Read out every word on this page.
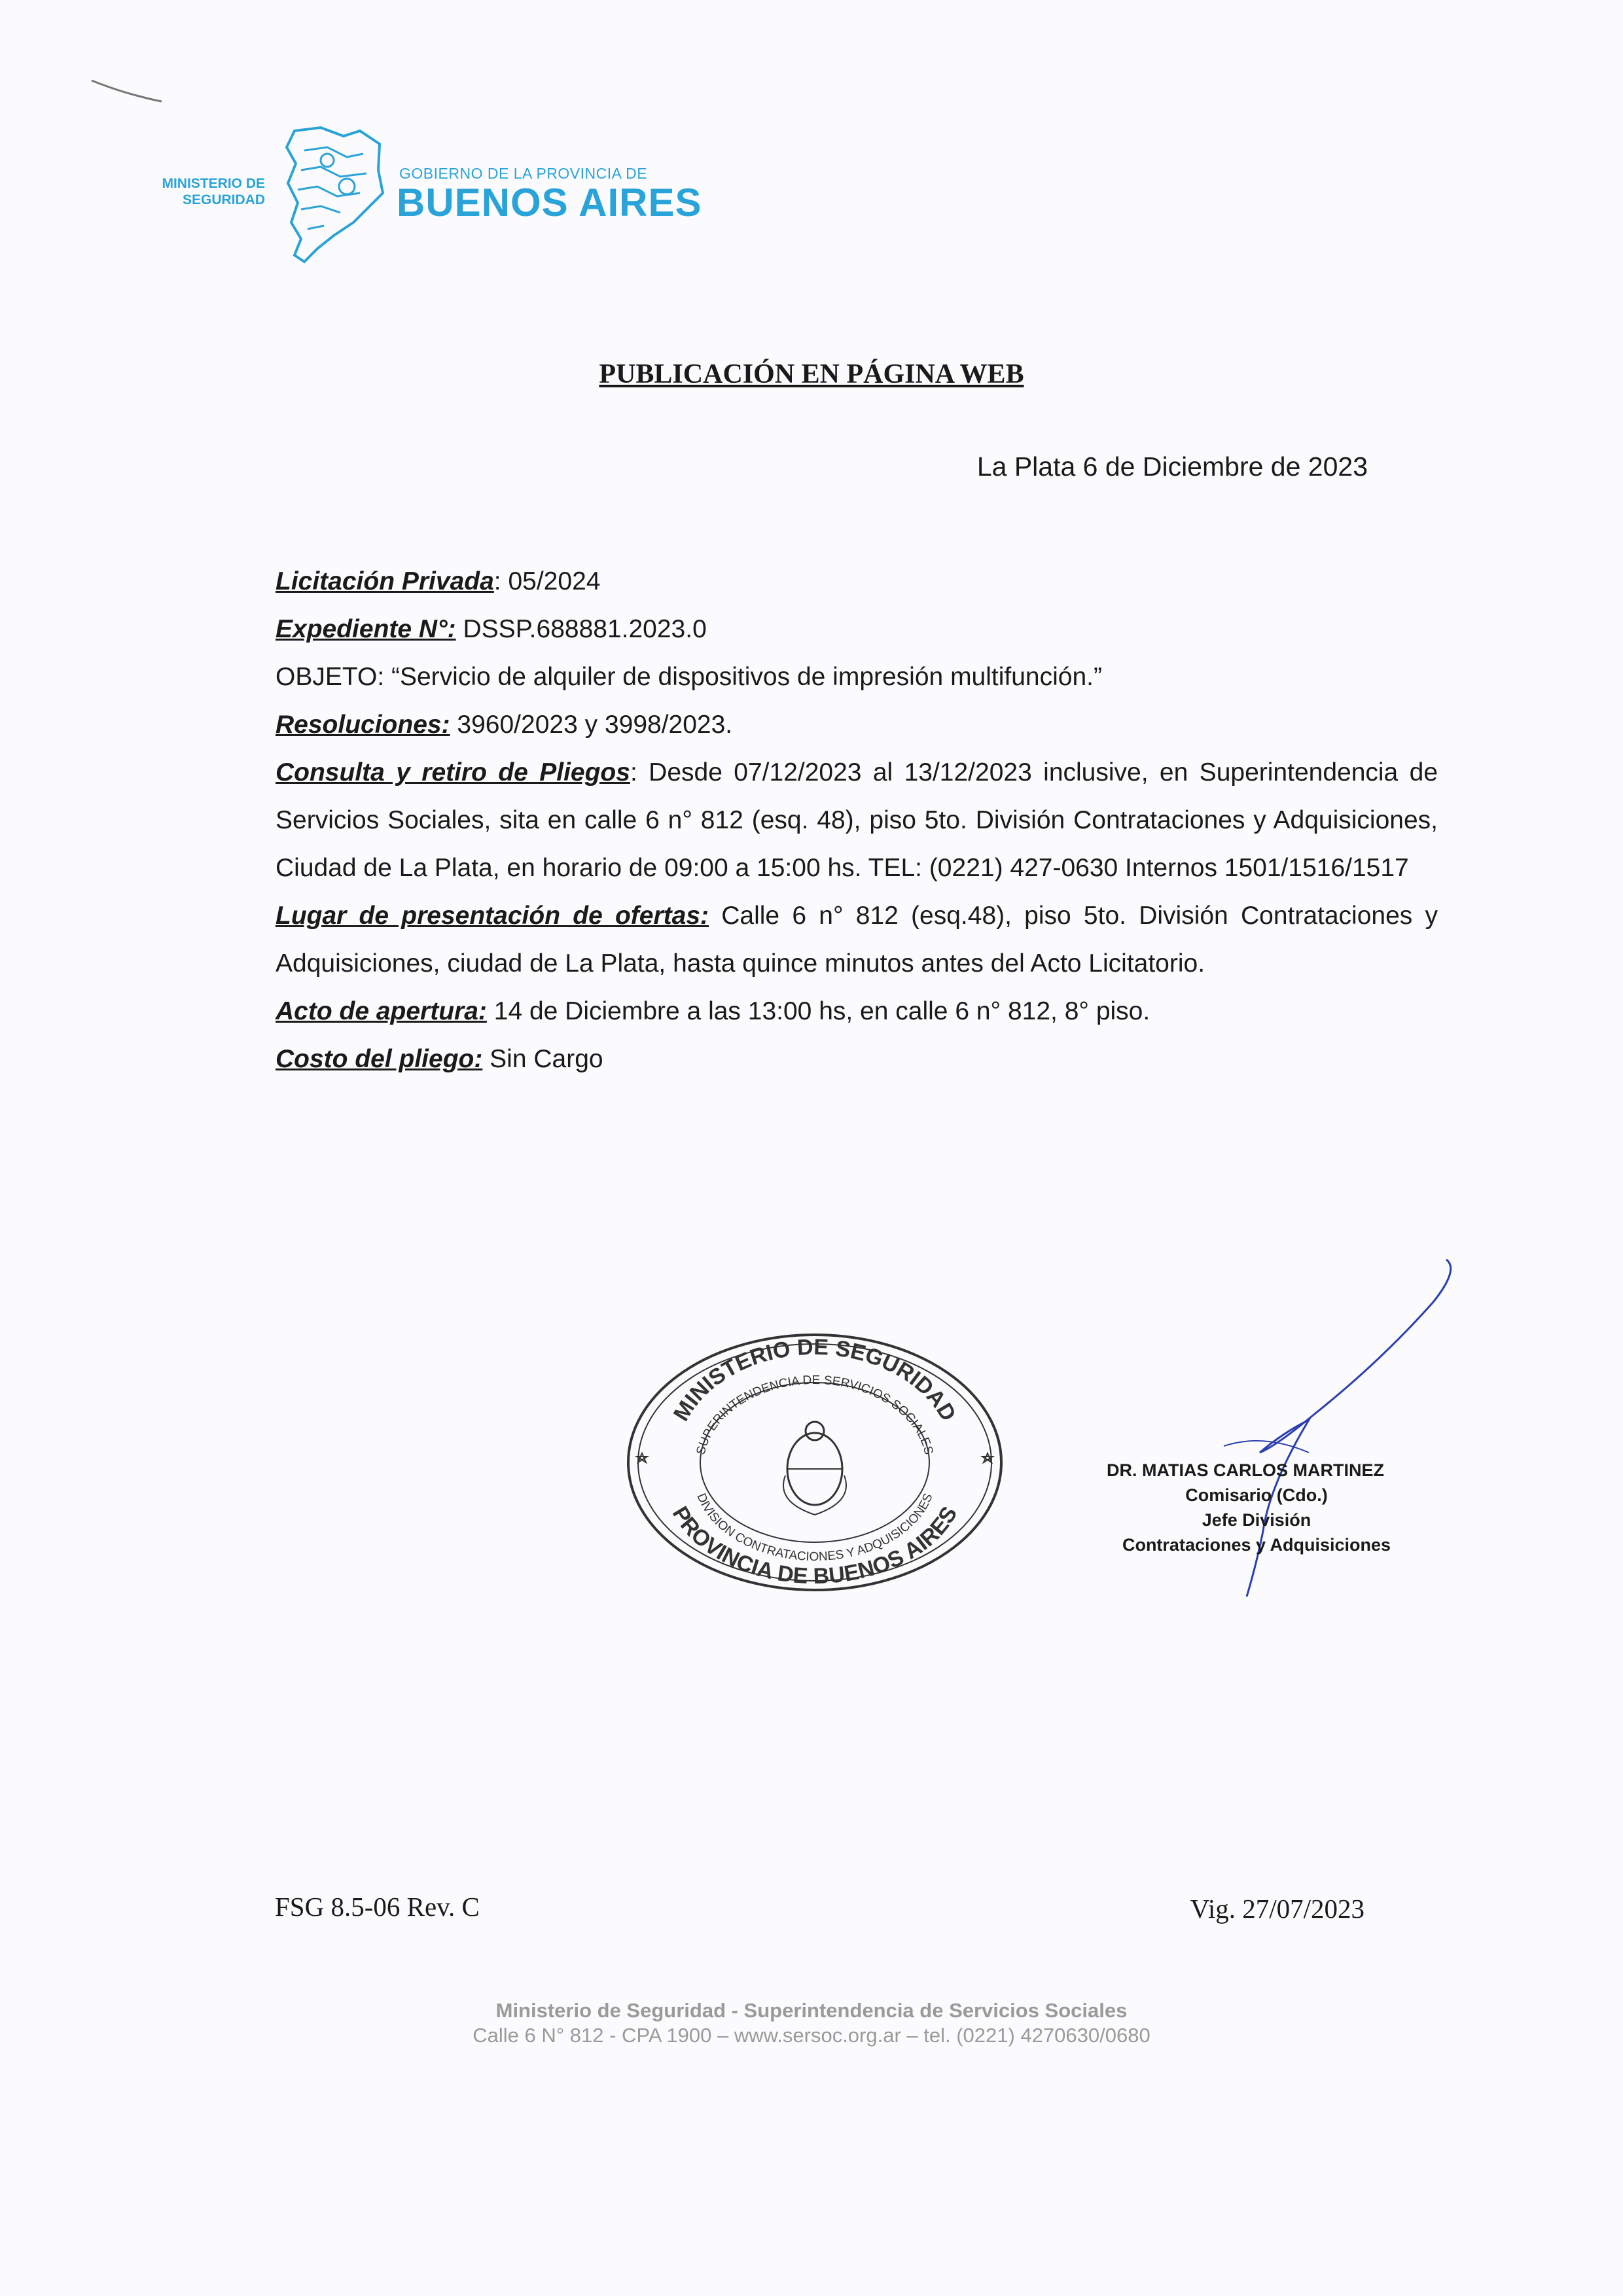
MINISTERIO DE
SEGURIDAD
GOBIERNO DE LA PROVINCIA DE
BUENOS AIRES
PUBLICACIÓN EN PÁGINA WEB
La Plata 6 de Diciembre de 2023

Licitación Privada: 05/2024

Expediente N°: DSSP.688881.2023.0

OBJETO: “Servicio de alquiler de dispositivos de impresión multifunción.”

Resoluciones: 3960/2023 y 3998/2023.

Consulta y retiro de Pliegos: Desde 07/12/2023 al 13/12/2023 inclusive, en Superintendencia de Servicios Sociales, sita en calle 6 n° 812 (esq. 48), piso 5to. División Contrataciones y Adquisiciones, Ciudad de La Plata, en horario de 09:00 a 15:00 hs. TEL: (0221) 427-0630 Internos 1501/1516/1517

Lugar de presentación de ofertas: Calle 6 n° 812 (esq.48), piso 5to. División Contrataciones y Adquisiciones, ciudad de La Plata, hasta quince minutos antes del Acto Licitatorio.

Acto de apertura: 14 de Diciembre a las 13:00 hs, en calle 6 n° 812, 8° piso.

Costo del pliego: Sin Cargo

MINISTERIO DE SEGURIDAD
PROVINCIA DE BUENOS AIRES
SUPERINTENDENCIA DE SERVICIOS SOCIALES
DIVISION CONTRATACIONES Y ADQUISICIONES
DR. MATIAS CARLOS MARTINEZ
Comisario (Cdo.)
Jefe División
Contrataciones y Adquisiciones
FSG 8.5-06 Rev. C	Vig. 27/07/2023
Ministerio de Seguridad - Superintendencia de Servicios Sociales
Calle 6 N° 812 - CPA 1900 – www.sersoc.org.ar – tel. (0221) 4270630/0680
